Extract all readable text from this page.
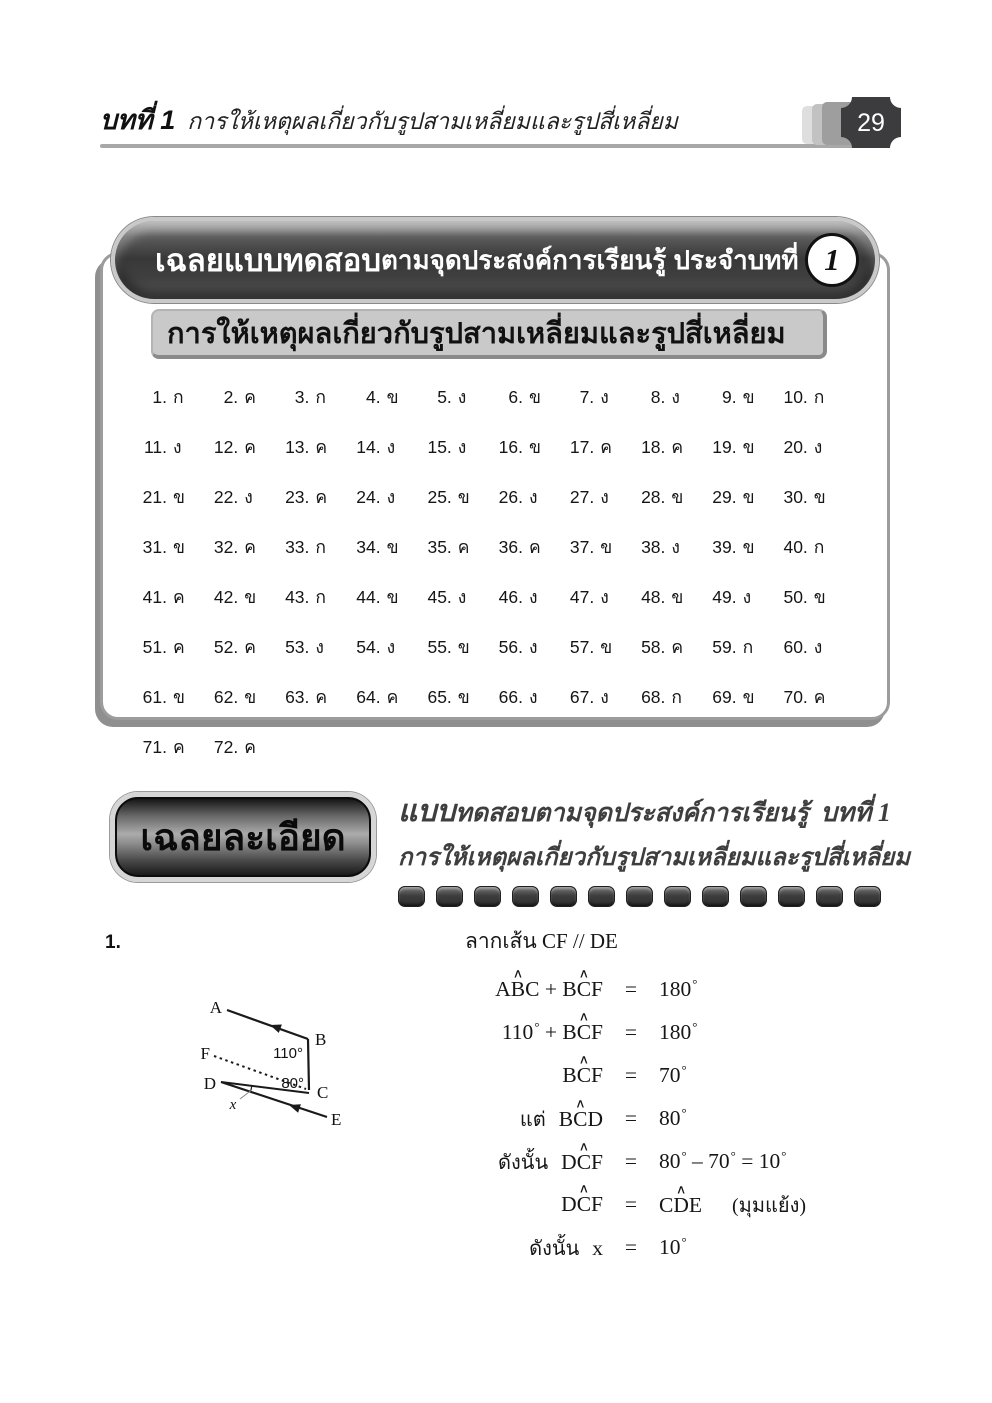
บทที่ 1 การให้เหตุผลเกี่ยวกับรูปสามเหลี่ยมและรูปสี่เหลี่ยม	29
เฉลยแบบทดสอบ ตามจุดประสงค์การเรียนรู้ ประจำบทที่ 1
การให้เหตุผลเกี่ยวกับรูปสามเหลี่ยมและรูปสี่เหลี่ยม
1. ก	2. ค	3. ก	4. ข	5. ง	6. ข	7. ง	8. ง	9. ข 10. ก
11. ง 12. ค 13. ค 14. ง 15. ง 16. ข 17. ค 18. ค 19. ข 20. ง
21. ข 22. ง 23. ค 24. ง 25. ข 26. ง 27. ง 28. ข 29. ข 30. ข
31. ข 32. ค 33. ก 34. ข 35. ค 36. ค 37. ข 38. ง 39. ข 40. ก
41. ค 42. ข 43. ก 44. ข 45. ง 46. ง 47. ง 48. ข 49. ง 50. ข
51. ค 52. ค 53. ง 54. ง 55. ข 56. ง 57. ข 58. ค 59. ก 60. ง
61. ข 62. ข 63. ค 64. ค 65. ข 66. ง 67. ง 68. ก 69. ข 70. ค
71. ค 72. ค
เฉลยละเอียด
แบบทดสอบตามจุดประสงค์การเรียนรู้ บทที่ 1
การให้เหตุผลเกี่ยวกับรูปสามเหลี่ยมและรูปสี่เหลี่ยม
1.
A
B
C
D
E
F	110°
80°
x
ลากเส้น CF // DE
A∧ BC + B∧ CF	=	180°
110° + B∧ CF	=	180°
B∧ CF	=	70°
แต่ B∧ CD	=	80°
ดังนั้น D∧ CF	=	80° – 70° = 10°
D∧ CF	=	C∧ DE (มุมแย้ง)
ดังนั้น x	=	10°
